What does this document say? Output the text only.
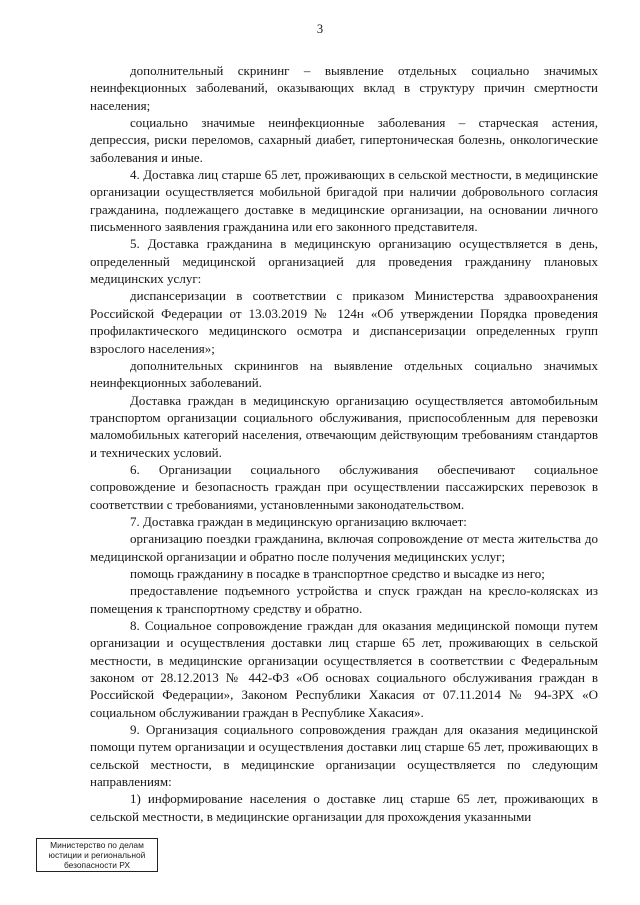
3

дополнительный скрининг – выявление отдельных социально значимых неинфекционных заболеваний, оказывающих вклад в структуру причин смертности населения;

социально значимые неинфекционные заболевания – старческая астения, депрессия, риски переломов, сахарный диабет, гипертоническая болезнь, онкологические заболевания и иные.

4. Доставка лиц старше 65 лет, проживающих в сельской местности, в медицинские организации осуществляется мобильной бригадой при наличии добровольного согласия гражданина, подлежащего доставке в медицинские организации, на основании личного письменного заявления гражданина или его законного представителя.

5. Доставка гражданина в медицинскую организацию осуществляется в день, определенный медицинской организацией для проведения гражданину плановых медицинских услуг:

диспансеризации в соответствии с приказом Министерства здравоохранения Российской Федерации от 13.03.2019 № 124н «Об утверждении Порядка проведения профилактического медицинского осмотра и диспансеризации определенных групп взрослого населения»;

дополнительных скринингов на выявление отдельных социально значимых неинфекционных заболеваний.

Доставка граждан в медицинскую организацию осуществляется автомобильным транспортом организации социального обслуживания, приспособленным для перевозки маломобильных категорий населения, отвечающим действующим требованиям стандартов и технических условий.

6. Организации социального обслуживания обеспечивают социальное сопровождение и безопасность граждан при осуществлении пассажирских перевозок в соответствии с требованиями, установленными законодательством.

7. Доставка граждан в медицинскую организацию включает:

организацию поездки гражданина, включая сопровождение от места жительства до медицинской организации и обратно после получения медицинских услуг;

помощь гражданину в посадке в транспортное средство и высадке из него;

предоставление подъемного устройства и спуск граждан на кресло-колясках из помещения к транспортному средству и обратно.

8. Социальное сопровождение граждан для оказания медицинской помощи путем организации и осуществления доставки лиц старше 65 лет, проживающих в сельской местности, в медицинские организации осуществляется в соответствии с Федеральным законом от 28.12.2013 № 442-ФЗ «Об основах социального обслуживания граждан в Российской Федерации», Законом Республики Хакасия от 07.11.2014 № 94-ЗРХ «О социальном обслуживании граждан в Республике Хакасия».

9. Организация социального сопровождения граждан для оказания медицинской помощи путем организации и осуществления доставки лиц старше 65 лет, проживающих в сельской местности, в медицинские организации осуществляется по следующим направлениям:

1) информирование населения о доставке лиц старше 65 лет, проживающих в сельской местности, в медицинские организации для прохождения указанными

Министерство по делам
юстиции и региональной
безопасности РХ
